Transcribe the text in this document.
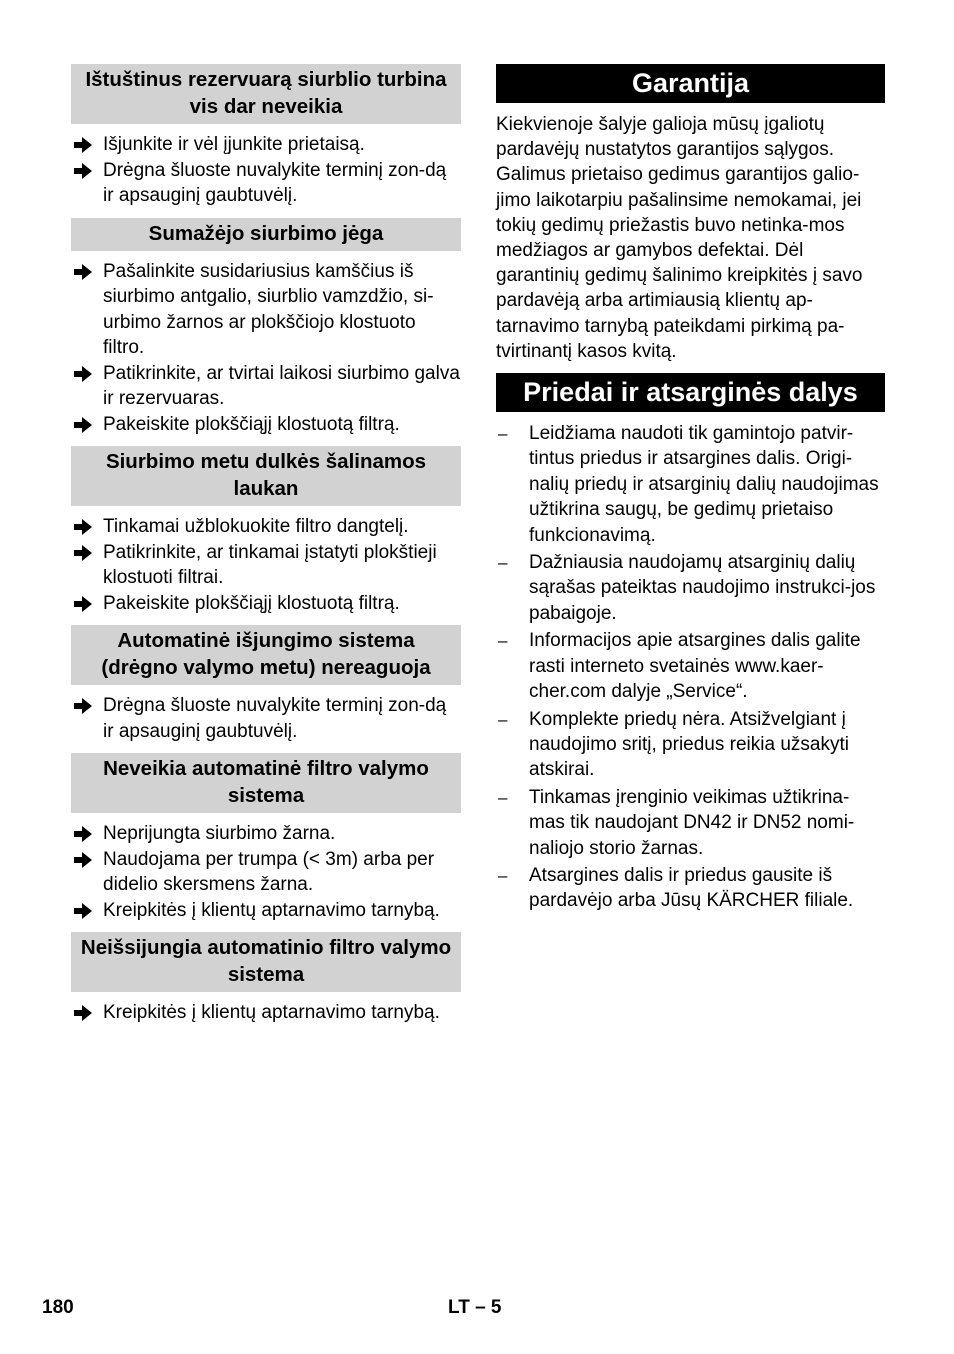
Ištuštinus rezervuarą siurblio turbina vis dar neveikia
Išjunkite ir vėl įjunkite prietaisą.
Drėgna šluoste nuvalykite terminį zon-dą ir apsauginį gaubtuvėlį.
Sumažėjo siurbimo jėga
Pašalinkite susidariusius kamščius iš siurbimo antgalio, siurblio vamzdžio, si-urbimo žarnos ar plokščiojo klostuoto filtro.
Patikrinkite, ar tvirtai laikosi siurbimo galva ir rezervuaras.
Pakeiskite plokščiąjį klostuotą filtrą.
Siurbimo metu dulkės šalinamos laukan
Tinkamai užblokuokite filtro dangtelį.
Patikrinkite, ar tinkamai įstatyti plokštieji klostuoti filtrai.
Pakeiskite plokščiąjį klostuotą filtrą.
Automatinė išjungimo sistema (drėgno valymo metu) nereaguoja
Drėgna šluoste nuvalykite terminį zon-dą ir apsauginį gaubtuvėlį.
Neveikia automatinė filtro valymo sistema
Neprijungta siurbimo žarna.
Naudojama per trumpa (< 3m) arba per didelio skersmens žarna.
Kreipkitės į klientų aptarnavimo tarnybą.
Neišsijungia automatinio filtro valymo sistema
Kreipkitės į klientų aptarnavimo tarnybą.
Garantija

Kiekvienoje šalyje galioja mūsų įgaliotų pardavėjų nustatytos garantijos sąlygos. Galimus prietaiso gedimus garantijos galio-jimo laikotarpiu pašalinsime nemokamai, jei tokių gedimų priežastis buvo netinka-mos medžiagos ar gamybos defektai. Dėl garantinių gedimų šalinimo kreipkitės į savo pardavėją arba artimiausią klientų ap-tarnavimo tarnybą pateikdami pirkimą pa-tvirtinantį kasos kvitą.

Priedai ir atsarginės dalys
– Leidžiama naudoti tik gamintojo patvir-tintus priedus ir atsargines dalis. Origi-nalių priedų ir atsarginių dalių naudojimas užtikrina saugų, be gedimų prietaiso funkcionavimą.
– Dažniausia naudojamų atsarginių dalių sąrašas pateiktas naudojimo instrukci-jos pabaigoje.
– Informacijos apie atsargines dalis galite rasti interneto svetainės www.kaer-cher.com dalyje „Service“.
– Komplekte priedų nėra. Atsižvelgiant į naudojimo sritį, priedus reikia užsakyti atskirai.
– Tinkamas įrenginio veikimas užtikrina-mas tik naudojant DN42 ir DN52 nomi-naliojo storio žarnas.
– Atsargines dalis ir priedus gausite iš pardavėjo arba Jūsų KÄRCHER filiale.
180	LT – 5
